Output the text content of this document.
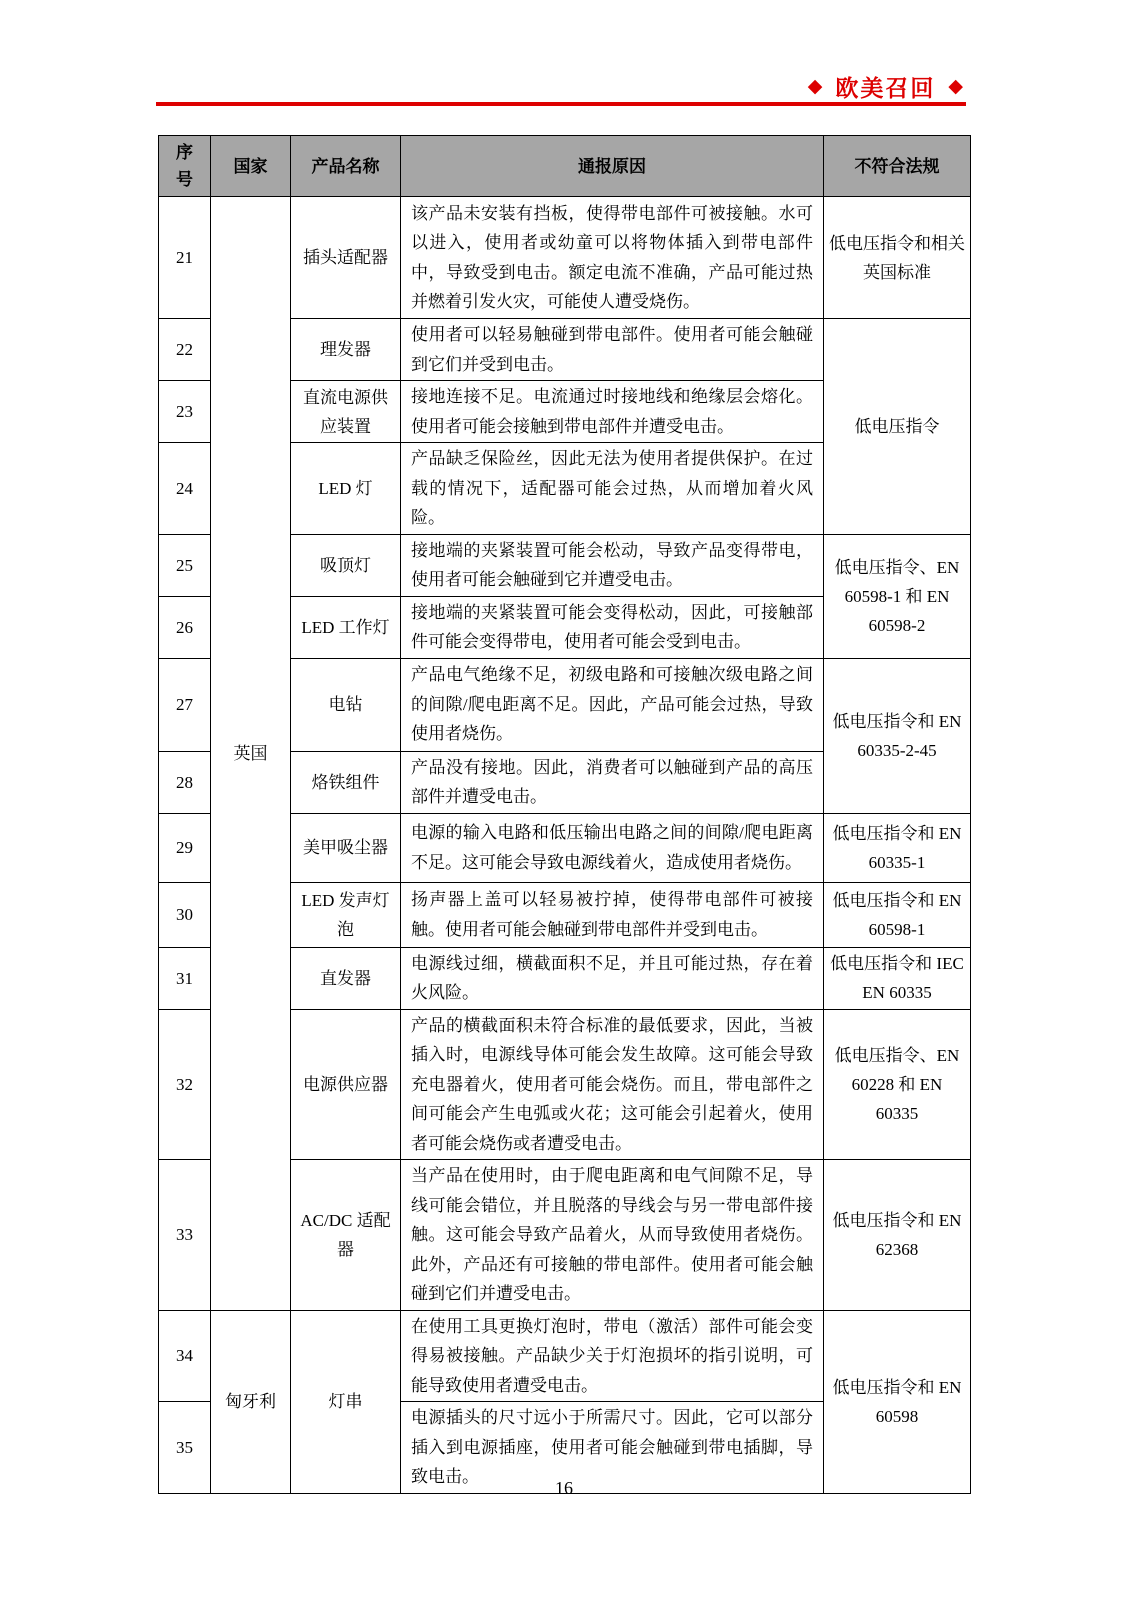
◆ 欧美召回 ◆
序号	国家	产品名称	通报原因	不符合法规
21	英国	插头适配器	该产品未安装有挡板，使得带电部件可被接触。水可以进入，使用者或幼童可以将物体插入到带电部件中，导致受到电击。额定电流不准确，产品可能过热并燃着引发火灾，可能使人遭受烧伤。	低电压指令和相关英国标准
22		理发器	使用者可以轻易触碰到带电部件。使用者可能会触碰到它们并受到电击。	低电压指令
23		直流电源供应装置	接地连接不足。电流通过时接地线和绝缘层会熔化。使用者可能会接触到带电部件并遭受电击。	
24		LED 灯	产品缺乏保险丝，因此无法为使用者提供保护。在过载的情况下，适配器可能会过热，从而增加着火风险。	
25		吸顶灯	接地端的夹紧装置可能会松动，导致产品变得带电，使用者可能会触碰到它并遭受电击。	低电压指令、EN 60598-1 和 EN 60598-2
26		LED 工作灯	接地端的夹紧装置可能会变得松动，因此，可接触部件可能会变得带电，使用者可能会受到电击。	
27		电钻	产品电气绝缘不足，初级电路和可接触次级电路之间的间隙/爬电距离不足。因此，产品可能会过热，导致使用者烧伤。	低电压指令和 EN 60335-2-45
28		烙铁组件	产品没有接地。因此，消费者可以触碰到产品的高压部件并遭受电击。	
29		美甲吸尘器	电源的输入电路和低压输出电路之间的间隙/爬电距离不足。这可能会导致电源线着火，造成使用者烧伤。	低电压指令和 EN 60335-1
30		LED 发声灯泡	扬声器上盖可以轻易被拧掉，使得带电部件可被接触。使用者可能会触碰到带电部件并受到电击。	低电压指令和 EN 60598-1
31		直发器	电源线过细，横截面积不足，并且可能过热，存在着火风险。	低电压指令和 IEC EN 60335
32		电源供应器	产品的横截面积未符合标准的最低要求，因此，当被插入时，电源线导体可能会发生故障。这可能会导致充电器着火，使用者可能会烧伤。而且，带电部件之间可能会产生电弧或火花；这可能会引起着火，使用者可能会烧伤或者遭受电击。	低电压指令、EN 60228 和 EN 60335
33		AC/DC 适配器	当产品在使用时，由于爬电距离和电气间隙不足，导线可能会错位，并且脱落的导线会与另一带电部件接触。这可能会导致产品着火，从而导致使用者烧伤。此外，产品还有可接触的带电部件。使用者可能会触碰到它们并遭受电击。	低电压指令和 EN 62368
34	匈牙利	灯串	在使用工具更换灯泡时，带电（激活）部件可能会变得易被接触。产品缺少关于灯泡损坏的指引说明，可能导致使用者遭受电击。	低电压指令和 EN 60598
35			电源插头的尺寸远小于所需尺寸。因此，它可以部分插入到电源插座，使用者可能会触碰到带电插脚，导致电击。	
16
